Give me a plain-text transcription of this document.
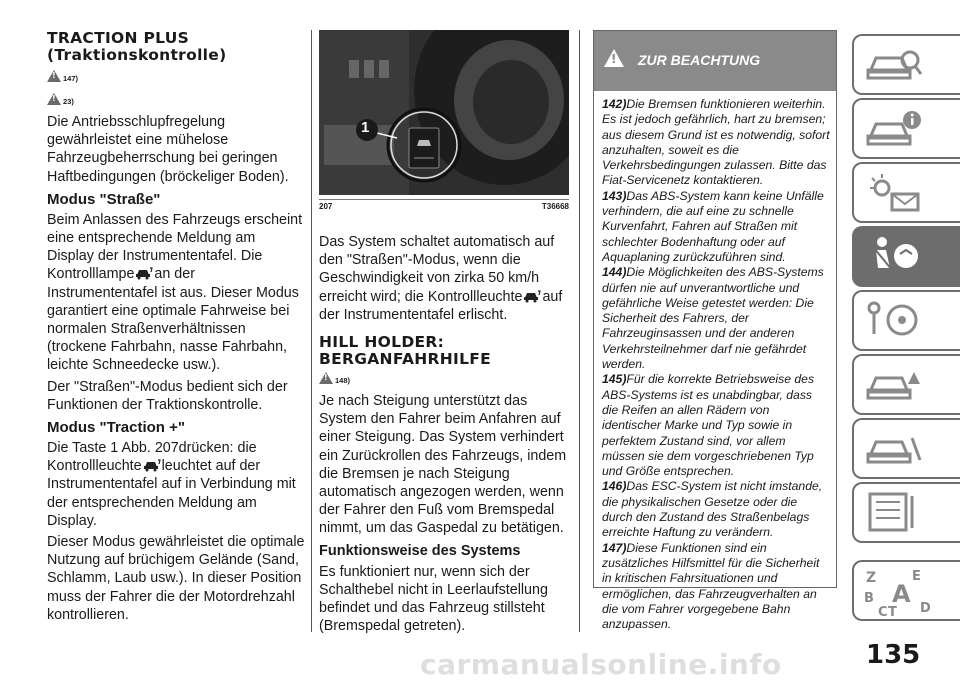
TRACTION PLUS
(Traktionskontrolle)

!
147)
!
23)

Die Antriebsschlupfregelung gewährleistet eine mühelose Fahrzeugbeherrschung bei geringen Haftbedingungen (bröckeliger Boden).

Modus "Straße"

Beim Anlassen des Fahrzeugs erscheint eine entsprechende Meldung am Display der Instrumententafel. Die Kontrolllampe an der Instrumententafel ist aus. Dieser Modus garantiert eine optimale Fahrweise bei normalen Straßenverhältnissen (trockene Fahrbahn, nasse Fahrbahn, leichte Schneedecke usw.).

Der "Straßen"-Modus bedient sich der Funktionen der Traktionskontrolle.

Modus "Traction +"

Die Taste 1 Abb. 207drücken: die Kontrollleuchte leuchtet auf der Instrumententafel auf in Verbindung mit der entsprechenden Meldung am Display.

Dieser Modus gewährleistet die optimale Nutzung auf brüchigem Gelände (Sand, Schlamm, Laub usw.). In dieser Position muss der Fahrer die der Motordrehzahl kontrollieren.

1
207	T36668

Das System schaltet automatisch auf den "Straßen"-Modus, wenn die Geschwindigkeit von zirka 50 km/h erreicht wird; die Kontrollleuchte auf der Instrumententafel erlischt.

HILL HOLDER:
BERGANFAHRHILFE

!
148)

Je nach Steigung unterstützt das System den Fahrer beim Anfahren auf einer Steigung. Das System verhindert ein Zurückrollen des Fahrzeugs, indem die Bremsen je nach Steigung automatisch angezogen werden, wenn der Fahrer den Fuß vom Bremspedal nimmt, um das Gaspedal zu betätigen.

Funktionsweise des Systems

Es funktioniert nur, wenn sich der Schalthebel nicht in Leerlaufstellung befindet und das Fahrzeug stillsteht (Bremspedal getreten).

!
ZUR BEACHTUNG

142)Die Bremsen funktionieren weiterhin. Es ist jedoch gefährlich, hart zu bremsen; aus diesem Grund ist es notwendig, sofort anzuhalten, soweit es die Verkehrsbedingungen zulassen. Bitte das Fiat-Servicenetz kontaktieren.

143)Das ABS-System kann keine Unfälle verhindern, die auf eine zu schnelle Kurvenfahrt, Fahren auf Straßen mit schlechter Bodenhaftung oder auf Aquaplaning zurückzuführen sind.

144)Die Möglichkeiten des ABS-Systems dürfen nie auf unverantwortliche und gefährliche Weise getestet werden: Die Sicherheit des Fahrers, der Fahrzeuginsassen und der anderen Verkehrsteilnehmer darf nie gefährdet werden.

145)Für die korrekte Betriebsweise des ABS-Systems ist es unabdingbar, dass die Reifen an allen Rädern von identischer Marke und Typ sowie in perfektem Zustand sind, vor allem müssen sie dem vorgeschriebenen Typ und Größe entsprechen.

146)Das ESC-System ist nicht imstande, die physikalischen Gesetze oder die durch den Zustand des Straßenbelags erreichte Haftung zu verändern.

147)Diese Funktionen sind ein zusätzliches Hilfsmittel für die Sicherheit in kritischen Fahrsituationen und ermöglichen, das Fahrzeugverhalten an die vom Fahrer vorgegebene Bahn anzupassen.

Z	E
B A
C T D
135
carmanualsonline.info
